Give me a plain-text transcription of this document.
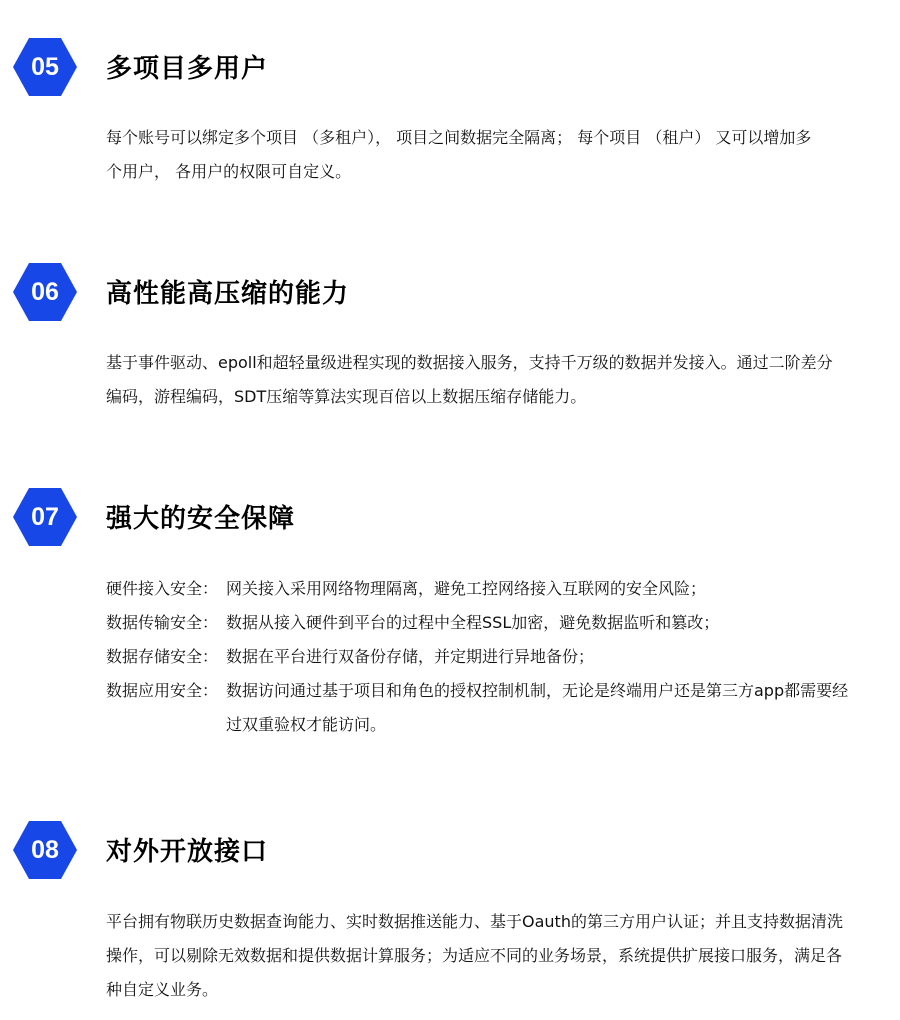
05	多项目多用户

每个账号可以绑定多个项目 （多租户）， 项目之间数据完全隔离； 每个项目 （租户） 又可以增加多

个用户， 各用户的权限可自定义。

06	高性能高压缩的能力

基于事件驱动、epoll和超轻量级进程实现的数据接入服务，支持千万级的数据并发接入。通过二阶差分

编码，游程编码，SDT压缩等算法实现百倍以上数据压缩存储能力。

07	强大的安全保障
硬件接入安全： 网关接入采用网络物理隔离，避免工控网络接入互联网的安全风险；
数据传输安全： 数据从接入硬件到平台的过程中全程SSL加密，避免数据监听和篡改；
数据存储安全： 数据在平台进行双备份存储，并定期进行异地备份；
数据应用安全： 数据访问通过基于项目和角色的授权控制机制，无论是终端用户还是第三方app都需要经
过双重验权才能访问。
08	对外开放接口

平台拥有物联历史数据查询能力、实时数据推送能力、基于Oauth的第三方用户认证；并且支持数据清洗

操作，可以剔除无效数据和提供数据计算服务；为适应不同的业务场景，系统提供扩展接口服务，满足各

种自定义业务。
